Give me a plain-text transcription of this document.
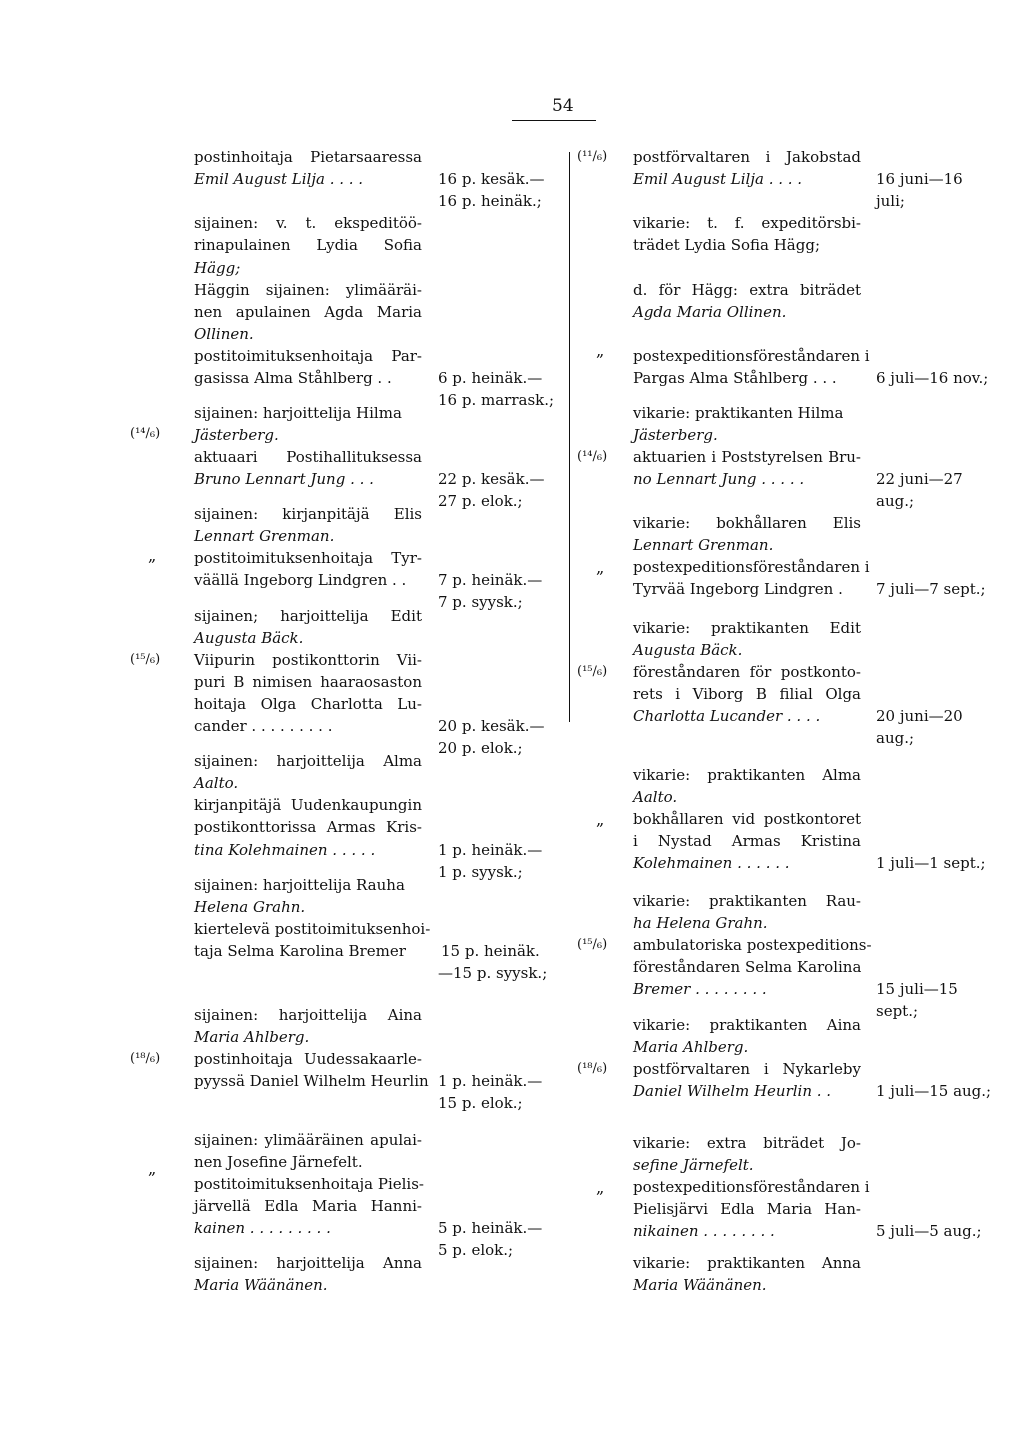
54
(¹⁴/₆)
„
(¹⁵/₆)
(¹⁸/₆)
„
postinhoitaja Pietarsaaressa
Emil August Lilja . . . .
sijainen: v. t. ekspeditöö-
rinapulainen Lydia Sofia
Hägg;
Häggin sijainen: ylimääräi-
nen apulainen Agda Maria
Ollinen.
postitoimituksenhoitaja Par-
gasissa Alma Ståhlberg . .
sijainen: harjoittelija Hilma
Jästerberg.
aktuaari Postihallituksessa
Bruno Lennart Jung . . .
sijainen: kirjanpitäjä Elis
Lennart Grenman.
postitoimituksenhoitaja Tyr-
väällä Ingeborg Lindgren . .
sijainen; harjoittelija Edit
Augusta Bäck.
Viipurin postikonttorin Vii-
puri B nimisen haaraosaston
hoitaja Olga Charlotta Lu-
cander . . . . . . . . .
sijainen: harjoittelija Alma
Aalto.
kirjanpitäjä Uudenkaupungin
postikonttorissa Armas Kris-
tina Kolehmainen . . . . .
sijainen: harjoittelija Rauha
Helena Grahn.
kiertelevä postitoimituksenhoi-
taja Selma Karolina Bremer
sijainen: harjoittelija Aina
Maria Ahlberg.
postinhoitaja Uudessakaarle-
pyyssä Daniel Wilhelm Heurlin
sijainen: ylimääräinen apulai-
nen Josefine Järnefelt.
postitoimituksenhoitaja Pielis-
järvellä Edla Maria Hanni-
kainen . . . . . . . . .
sijainen: harjoittelija Anna
Maria Wäänänen.
16 p. kesäk.—
16 p. heinäk.;
6 p. heinäk.—
16 p. marrask.;
22 p. kesäk.—
27 p. elok.;
7 p. heinäk.—
7 p. syysk.;
20 p. kesäk.—
20 p. elok.;
1 p. heinäk.—
1 p. syysk.;
15 p. heinäk.
—15 p. syysk.;
1 p. heinäk.—
15 p. elok.;
5 p. heinäk.—
5 p. elok.;
(¹¹/₆)
„
(¹⁴/₆)
„
(¹⁵/₆)
„
(¹⁵/₆)
(¹⁸/₆)
„
postförvaltaren i Jakobstad
Emil August Lilja . . . .
vikarie: t. f. expeditörsbi-
trädet Lydia Sofia Hägg;
d. för Hägg: extra biträdet
Agda Maria Ollinen.
postexpeditionsföreståndaren i
Pargas Alma Ståhlberg . . .
vikarie: praktikanten Hilma
Jästerberg.
aktuarien i Poststyrelsen Bru-
no Lennart Jung . . . . .
vikarie: bokhållaren Elis
Lennart Grenman.
postexpeditionsföreståndaren i
Tyrvää Ingeborg Lindgren .
vikarie: praktikanten Edit
Augusta Bäck.
föreståndaren för postkonto-
rets i Viborg B filial Olga
Charlotta Lucander . . . .
vikarie: praktikanten Alma
Aalto.
bokhållaren vid postkontoret
i Nystad Armas Kristina
Kolehmainen . . . . . .
vikarie: praktikanten Rau-
ha Helena Grahn.
ambulatoriska postexpeditions-
föreståndaren Selma Karolina
Bremer . . . . . . . .
vikarie: praktikanten Aina
Maria Ahlberg.
postförvaltaren i Nykarleby
Daniel Wilhelm Heurlin . .
vikarie: extra biträdet Jo-
sefine Järnefelt.
postexpeditionsföreståndaren i
Pielisjärvi Edla Maria Han-
nikainen . . . . . . . .
vikarie: praktikanten Anna
Maria Wäänänen.
16 juni—16
juli;
6 juli—16 nov.;
22 juni—27
aug.;
7 juli—7 sept.;
20 juni—20
aug.;
1 juli—1 sept.;
15 juli—15
sept.;
1 juli—15 aug.;
5 juli—5 aug.;
